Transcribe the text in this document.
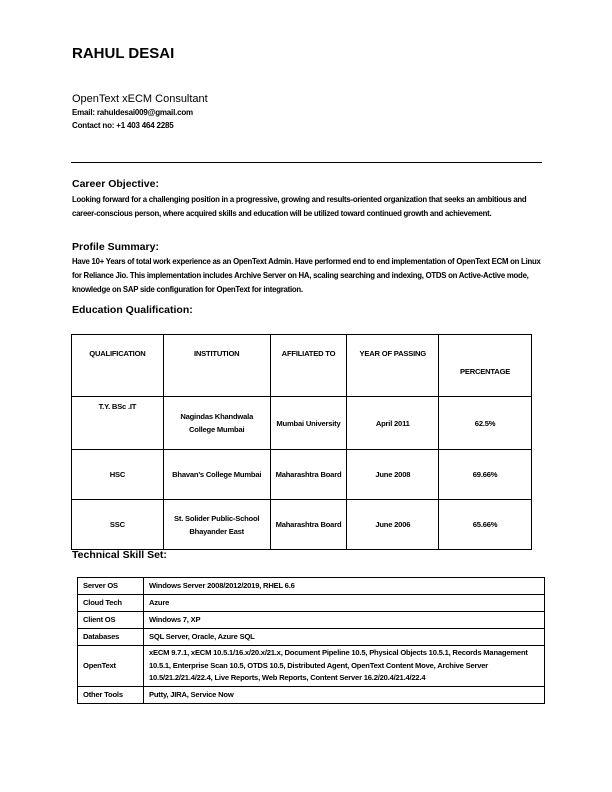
RAHUL DESAI
OpenText xECM Consultant
Email: rahuldesai009@gmail.com
Contact no: +1 403 464 2285
Career Objective:
Looking forward for a challenging position in a progressive, growing and results-oriented organization that seeks an ambitious and career-conscious person, where acquired skills and education will be utilized toward continued growth and achievement.
Profile Summary:
Have 10+ Years of total work experience as an OpenText Admin. Have performed end to end implementation of OpenText ECM on Linux for Reliance Jio. This implementation includes Archive Server on HA, scaling searching and indexing, OTDS on Active-Active mode, knowledge on SAP side configuration for OpenText for integration.
Education Qualification:
QUALIFICATION	INSTITUTION	AFFILIATED TO	YEAR OF PASSING	PERCENTAGE
T.Y. BSc .IT	Nagindas Khandwala College Mumbai	Mumbai University	April 2011	62.5%
HSC	Bhavan's College Mumbai	Maharashtra Board	June 2008	69.66%
SSC	St. Solider Public-School Bhayander East	Maharashtra Board	June 2006	65.66%
Technical Skill Set:
Server OS	Windows Server 2008/2012/2019, RHEL 6.6
Cloud Tech	Azure
Client OS	Windows 7, XP
Databases	SQL Server, Oracle, Azure SQL
OpenText	xECM 9.7.1, xECM 10.5.1/16.x/20.x/21.x, Document Pipeline 10.5, Physical Objects 10.5.1, Records Management 10.5.1, Enterprise Scan 10.5, OTDS 10.5, Distributed Agent, OpenText Content Move, Archive Server 10.5/21.2/21.4/22.4, Live Reports, Web Reports, Content Server 16.2/20.4/21.4/22.4
Other Tools	Putty, JIRA, Service Now
